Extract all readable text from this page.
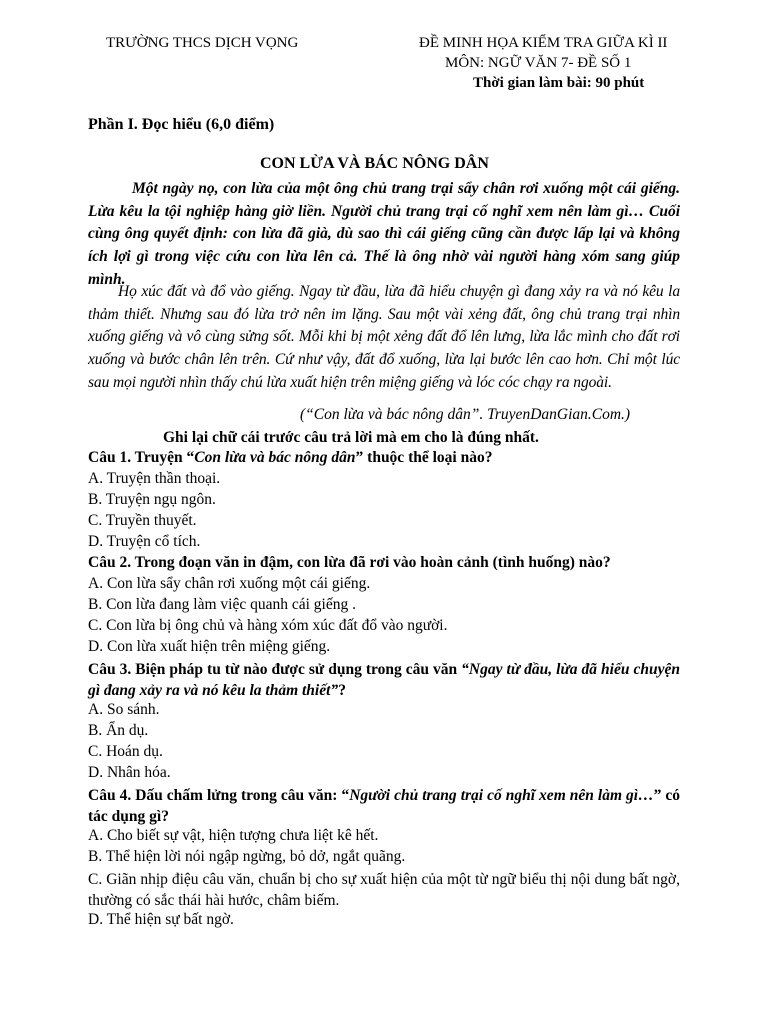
TRƯỜNG THCS DỊCH VỌNG	ĐỀ MINH HỌA KIỂM TRA GIỮA KÌ II
MÔN: NGỮ VĂN 7- ĐỀ SỐ 1
Thời gian làm bài: 90 phút
Phần I. Đọc hiểu (6,0 điểm)
CON LỪA VÀ BÁC NÔNG DÂN
Một ngày nọ, con lừa của một ông chủ trang trại sẩy chân rơi xuống một cái giếng. Lừa kêu la tội nghiệp hàng giờ liền. Người chủ trang trại cố nghĩ xem nên làm gì… Cuối cùng ông quyết định: con lừa đã già, dù sao thì cái giếng cũng cần được lấp lại và không ích lợi gì trong việc cứu con lừa lên cả. Thế là ông nhờ vài người hàng xóm sang giúp mình.
Họ xúc đất và đổ vào giếng. Ngay từ đầu, lừa đã hiểu chuyện gì đang xảy ra và nó kêu la thảm thiết. Nhưng sau đó lừa trở nên im lặng. Sau một vài xẻng đất, ông chủ trang trại nhìn xuống giếng và vô cùng sửng sốt. Mỗi khi bị một xẻng đất đổ lên lưng, lừa lắc mình cho đất rơi xuống và bước chân lên trên. Cứ như vậy, đất đổ xuống, lừa lại bước lên cao hơn. Chỉ một lúc sau mọi người nhìn thấy chú lừa xuất hiện trên miệng giếng và lóc cóc chạy ra ngoài.
(“Con lừa và bác nông dân”. TruyenDanGian.Com.)
Ghi lại chữ cái trước câu trả lời mà em cho là đúng nhất.
Câu 1. Truyện “Con lừa và bác nông dân” thuộc thể loại nào?
A. Truyện thần thoại.
B. Truyện ngụ ngôn.
C. Truyền thuyết.
D. Truyện cổ tích.
Câu 2. Trong đoạn văn in đậm, con lừa đã rơi vào hoàn cảnh (tình huống) nào?
A. Con lừa sẩy chân rơi xuống một cái giếng.
B. Con lừa đang làm việc quanh cái giếng .
C. Con lừa bị ông chủ và hàng xóm xúc đất đổ vào người.
D. Con lừa xuất hiện trên miệng giếng.
Câu 3. Biện pháp tu từ nào được sử dụng trong câu văn “Ngay từ đầu, lừa đã hiểu chuyện gì đang xảy ra và nó kêu la thảm thiết”?
A. So sánh.
B. Ẩn dụ.
C. Hoán dụ.
D. Nhân hóa.
Câu 4. Dấu chấm lửng trong câu văn: “Người chủ trang trại cố nghĩ xem nên làm gì…” có tác dụng gì?
A. Cho biết sự vật, hiện tượng chưa liệt kê hết.
B. Thể hiện lời nói ngập ngừng, bỏ dở, ngắt quãng.
C. Giãn nhịp điệu câu văn, chuẩn bị cho sự xuất hiện của một từ ngữ biểu thị nội dung bất ngờ, thường có sắc thái hài hước, châm biếm.
D. Thể hiện sự bất ngờ.
